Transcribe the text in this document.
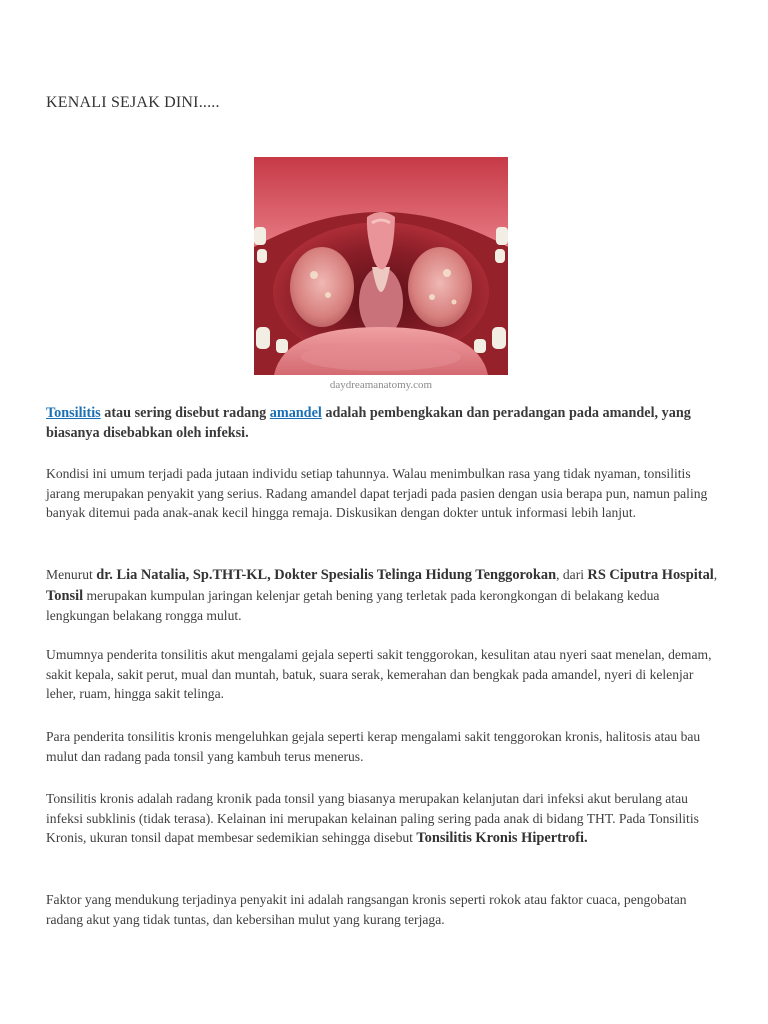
KENALI SEJAK DINI.....
daydreamanatomy.com

Tonsilitis atau sering disebut radang amandel adalah pembengkakan dan peradangan pada amandel, yang biasanya disebabkan oleh infeksi.

Kondisi ini umum terjadi pada jutaan individu setiap tahunnya. Walau menimbulkan rasa yang tidak nyaman, tonsilitis jarang merupakan penyakit yang serius. Radang amandel dapat terjadi pada pasien dengan usia berapa pun, namun paling banyak ditemui pada anak-anak kecil hingga remaja. Diskusikan dengan dokter untuk informasi lebih lanjut.

Menurut dr. Lia Natalia, Sp.THT-KL, Dokter Spesialis Telinga Hidung Tenggorokan, dari RS Ciputra Hospital, Tonsil merupakan kumpulan jaringan kelenjar getah bening yang terletak pada kerongkongan di belakang kedua lengkungan belakang rongga mulut.

Umumnya penderita tonsilitis akut mengalami gejala seperti sakit tenggorokan, kesulitan atau nyeri saat menelan, demam, sakit kepala, sakit perut, mual dan muntah, batuk, suara serak, kemerahan dan bengkak pada amandel, nyeri di kelenjar leher, ruam, hingga sakit telinga.

Para penderita tonsilitis kronis mengeluhkan gejala seperti kerap mengalami sakit tenggorokan kronis, halitosis atau bau mulut dan radang pada tonsil yang kambuh terus menerus.

Tonsilitis kronis adalah radang kronik pada tonsil yang biasanya merupakan kelanjutan dari infeksi akut berulang atau infeksi subklinis (tidak terasa). Kelainan ini merupakan kelainan paling sering pada anak di bidang THT. Pada Tonsilitis Kronis, ukuran tonsil dapat membesar sedemikian sehingga disebut Tonsilitis Kronis Hipertrofi.

Faktor yang mendukung terjadinya penyakit ini adalah rangsangan kronis seperti rokok atau faktor cuaca, pengobatan radang akut yang tidak tuntas, dan kebersihan mulut yang kurang terjaga.
